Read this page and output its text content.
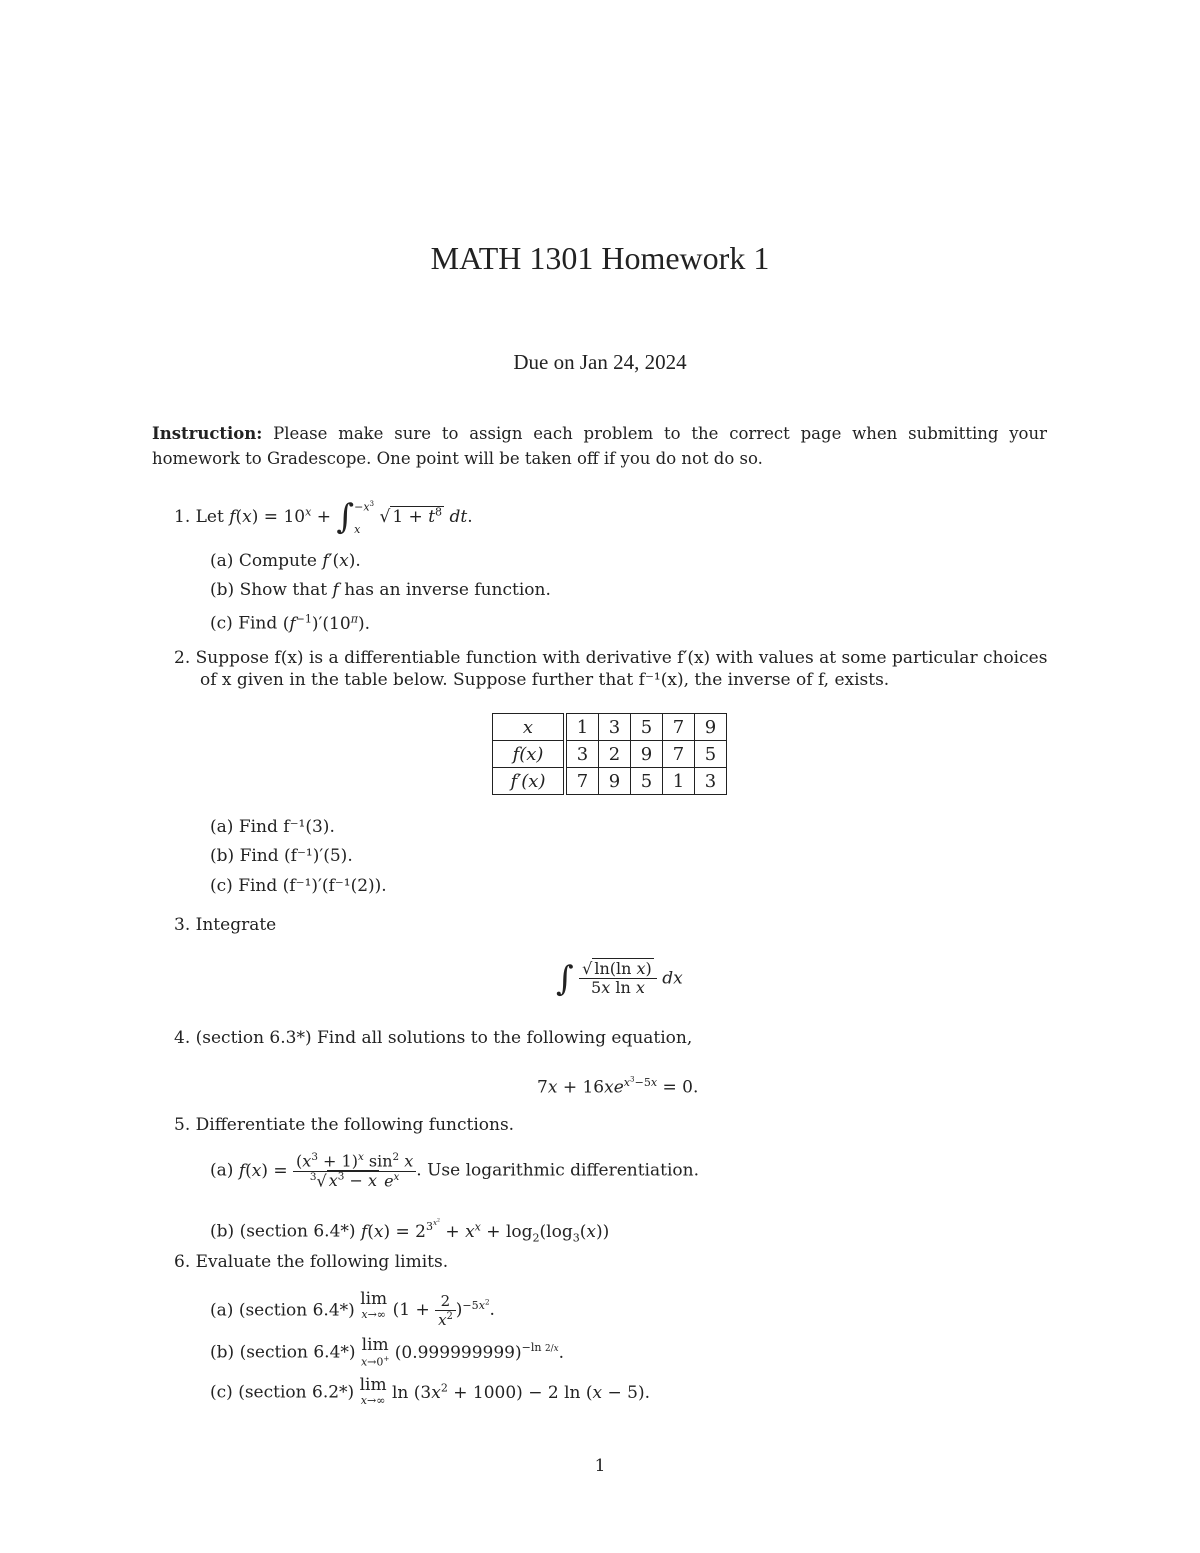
MATH 1301 Homework 1
Due on Jan 24, 2024
Instruction: Please make sure to assign each problem to the correct page when submitting your homework to Gradescope. One point will be taken off if you do not do so.
1. Let $f(x) = 10^x + \int-x^3$

x √ $1 + t^8$ dt.
(a) Compute f′(x).
(b) Show that f has an inverse function.
(c) Find $(f^{-1})'(10^\pi)$.
2. Suppose f(x) is a differentiable function with derivative f′(x) with values at some particular choices
of x given in the table below. Suppose further that f⁻¹(x), the inverse of f, exists.
x	1	3	5	7	9
f(x)	3	2	9	7	5
f′(x)	7	9	5	1	3
(a) Find f⁻¹(3).
(b) Find (f⁻¹)′(5).
(c) Find (f⁻¹)′(f⁻¹(2)).
3. Integrate
∫ $\frac{\text{√ ln(ln x)}}{\text{5x ln x}}$ dx
4. (section 6.3*) Find all solutions to the following equation,
$7x + 16xe^{x^3-5x} = 0$.
5. Differentiate the following functions.
(a) $f(x) = \frac{(x^3 + 1)^x \sin^2 x}{^3√ x^3 - x e^x}$ . Use logarithmic differentiation.
(b) (section 6.4*) $f(x) = 2^{3^{x^2}} + x^x + \log_2(\log_3(x))$
6. Evaluate the following limits.
(a) (section 6.4*) lim
x→∞ $(1 + \frac{2}{x^2} )^{-5x^2}$.
(b) (section 6.4*) lim
x→0+ $(0.999999999)^{-ln 2/x}$.
(c) (section 6.2*) lim
x→∞ $\ln (3x^2 + 1000) - 2$ ln (x − 5).
1
